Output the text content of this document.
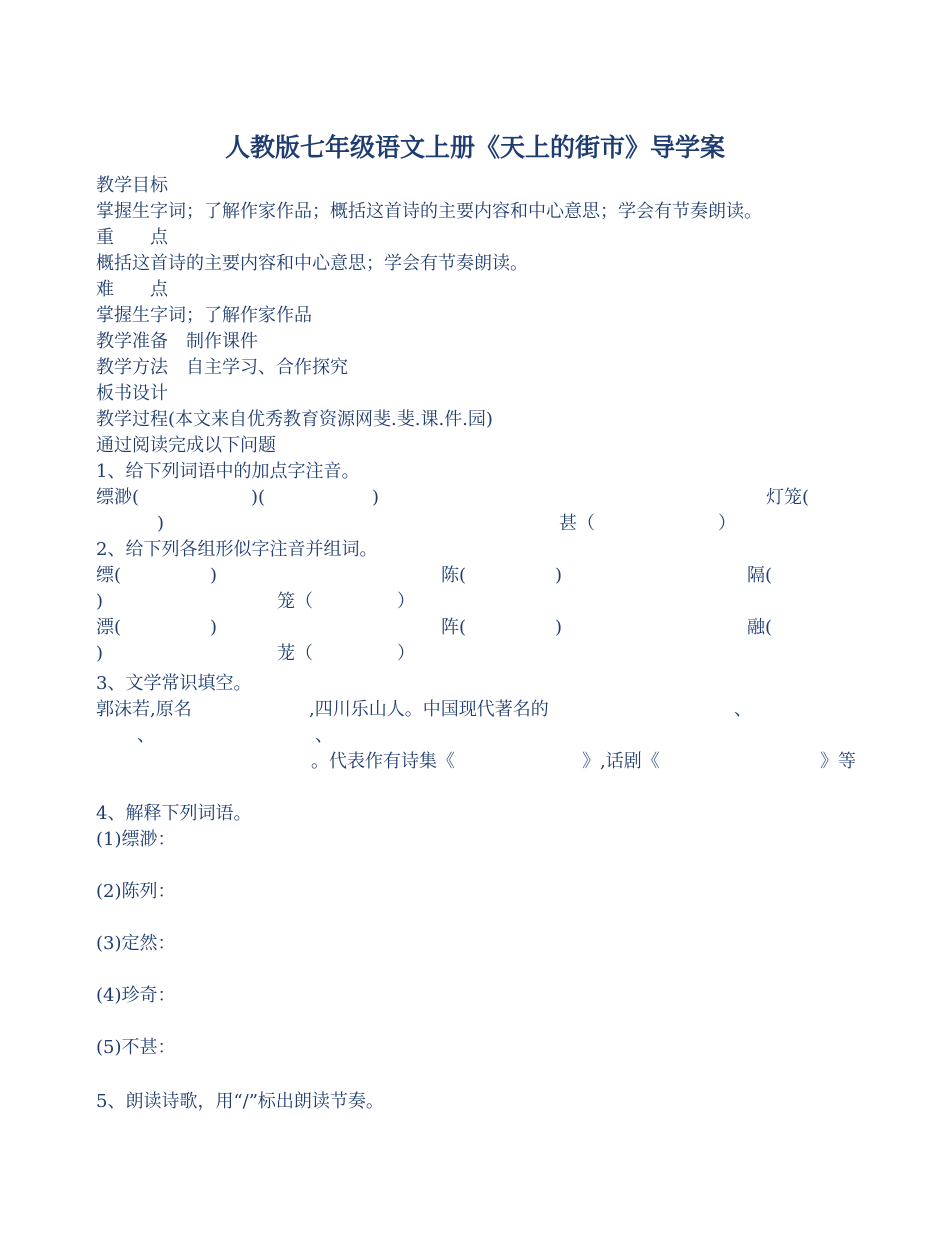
人教版七年级语文上册《天上的街市》导学案
教学目标
掌握生字词；了解作家作品；概括这首诗的主要内容和中心意思；学会有节奏朗读。
重　　点
概括这首诗的主要内容和中心意思；学会有节奏朗读。
难　　点
掌握生字词；了解作家作品
教学准备　制作课件
教学方法　自主学习、合作探究
板书设计
教学过程(本文来自优秀教育资源网斐.斐.课.件.园)
通过阅读完成以下问题
1、给下列词语中的加点字注音。
缥渺(	)(	)	灯笼(
)	甚（	）
2、给下列各组形似字注音并组词。
缥(	)	陈(	)	隔(
)	笼（	）
漂(	)	阵(	)	融(
)	茏（	）
3、文学常识填空。
郭沫若,原名	,四川乐山人。中国现代著名的	、
、	、
。代表作有诗集《	》,话剧《	》等
4、解释下列词语。
(1)缥渺：
(2)陈列：
(3)定然：
(4)珍奇：
(5)不甚：
5、朗读诗歌，用“/”标出朗读节奏。
